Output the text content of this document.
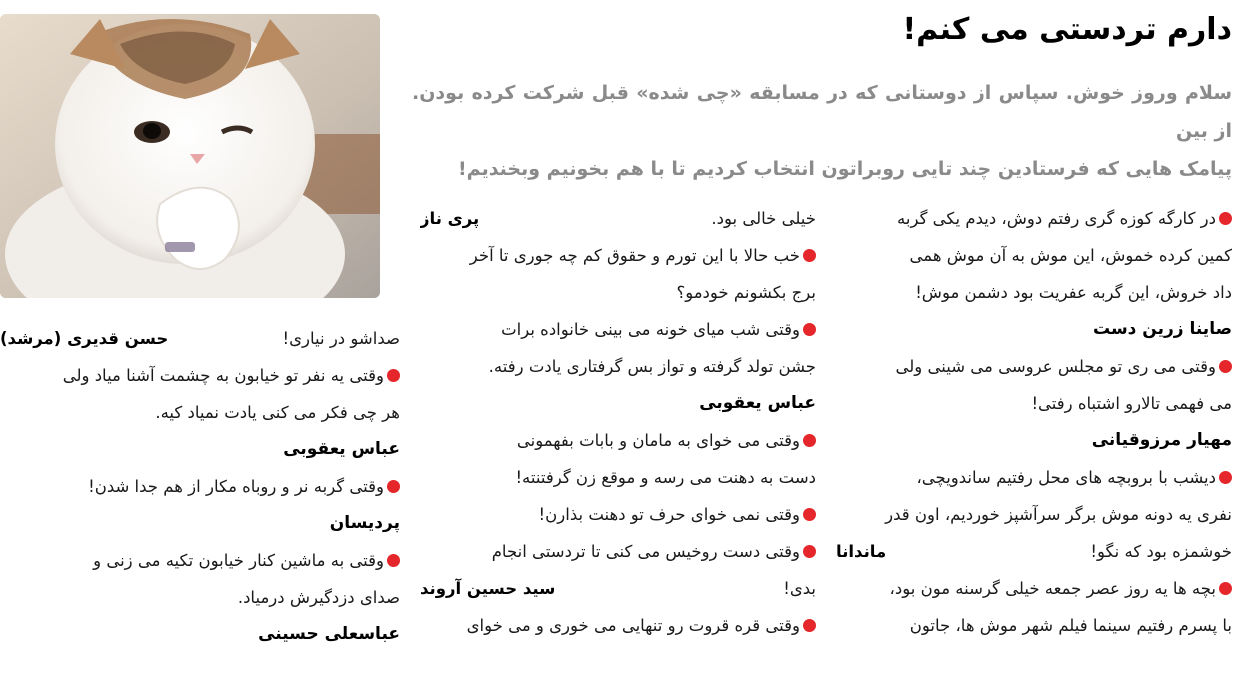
دارم تردستی می کنم!

سلام وروز خوش. سپاس از دوستانی که در مسابقه «چی شده» قبل شرکت کرده بودن. از بین

پیامک هایی که فرستادین چند تایی روبراتون انتخاب کردیم تا با هم بخونیم وبخندیم!

در کارگه کوزه گری رفتم دوش، دیدم یکی گربه
کمین کرده خموش، این موش به آن موش همی
داد خروش، این گربه عفریت بود دشمن موش!
صاینا زرین دست
وقتی می ری تو مجلس عروسی می شینی ولی
می فهمی تالارو اشتباه رفتی!
مهیار مرزوقیانی
دیشب با بروبچه های محل رفتیم ساندویچی،
نفری یه دونه موش برگر سرآشپز خوردیم، اون قدر
خوشمزه بود که نگو!
ماندانا
بچه ها یه روز عصر جمعه خیلی گرسنه مون بود،
با پسرم رفتیم سینما فیلم شهر موش ها، جاتون
خیلی خالی بود.
پری ناز
خب حالا با این تورم و حقوق کم چه جوری تا آخر
برج بکشونم خودمو؟
وقتی شب میای خونه می بینی خانواده برات
جشن تولد گرفته و تواز بس گرفتاری یادت رفته.
عباس یعقوبی
وقتی می خوای به مامان و بابات بفهمونی
دست به دهنت می رسه و موقع زن گرفتنته!
وقتی نمی خوای حرف تو دهنت بذارن!
وقتی دست روخیس می کنی تا تردستی انجام
بدی!
سید حسین آروند
وقتی قره قروت رو تنهایی می خوری و می خوای
صداشو در نیاری!
حسن قدیری (مرشد)
وقتی یه نفر تو خیابون به چشمت آشنا میاد ولی
هر چی فکر می کنی یادت نمیاد کیه.
عباس یعقوبی
وقتی گربه نر و روباه مکار از هم جدا شدن!
پردیسان
وقتی به ماشین کنار خیابون تکیه می زنی و
صدای دزدگیرش درمیاد.
عباسعلی حسینی
